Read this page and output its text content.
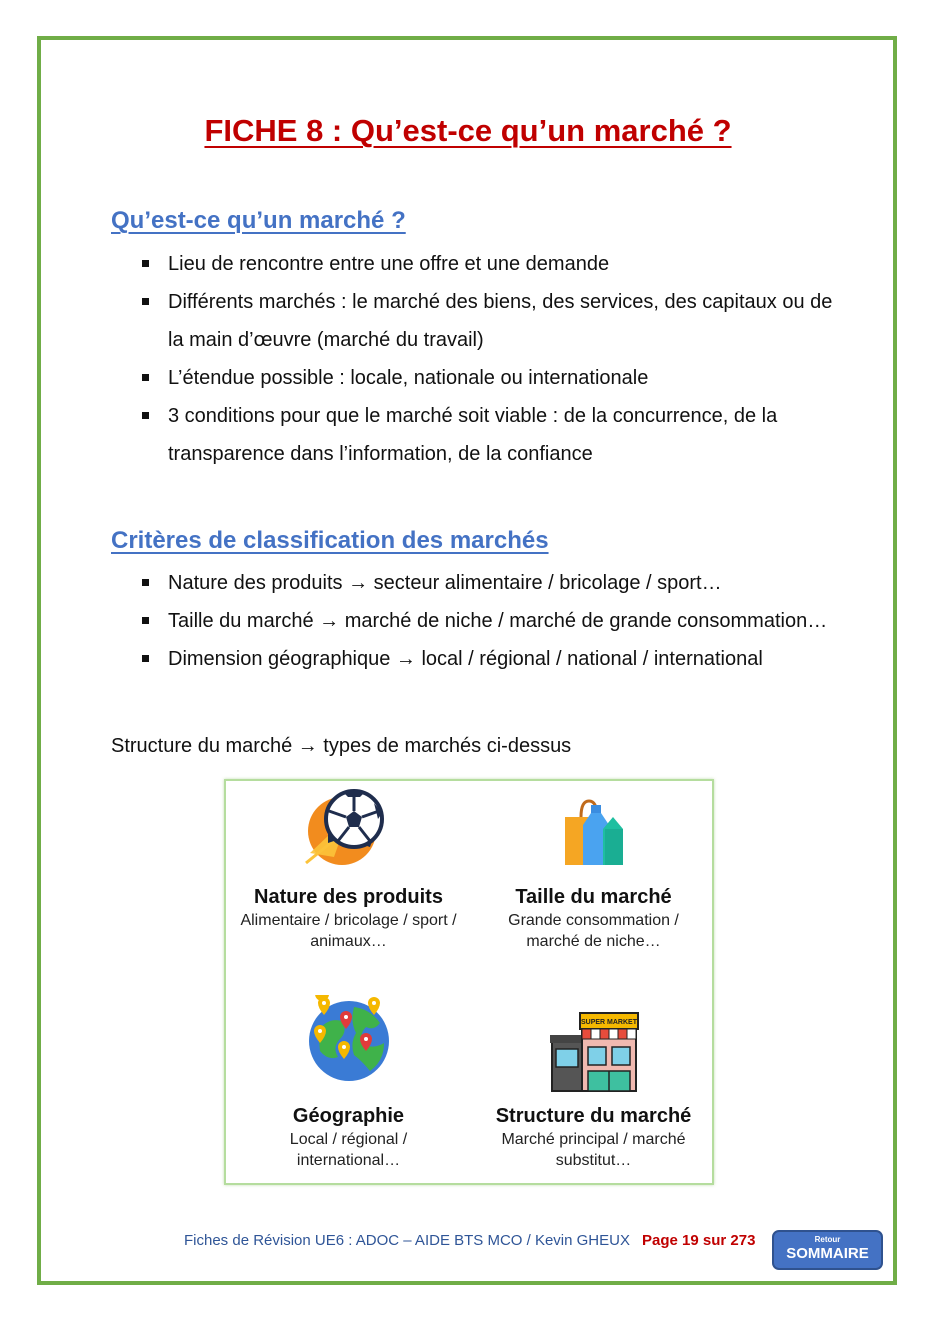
FICHE 8 : Qu’est-ce qu’un marché ?
Qu’est-ce qu’un marché ?
Lieu de rencontre entre une offre et une demande
Différents marchés : le marché des biens, des services, des capitaux ou de la main d’œuvre (marché du travail)
L’étendue possible : locale, nationale ou internationale
3 conditions pour que le marché soit viable : de la concurrence, de la transparence dans l’information, de la confiance
Critères de classification des marchés
Nature des produits → secteur alimentaire / bricolage / sport…
Taille du marché → marché de niche / marché de grande consommation…
Dimension géographique → local / régional / national / international
Structure du marché → types de marchés ci-dessus
Nature des produits
Alimentaire / bricolage / sport / animaux…
Taille du marché
Grande consommation / marché de niche…
Géographie
Local / régional / international…
SUPER MARKET
Structure du marché
Marché principal / marché substitut…
Fiches de Révision UE6 : ADOC – AIDE BTS MCO / Kevin GHEUX Page 19 sur 273	Retour
SOMMAIRE
